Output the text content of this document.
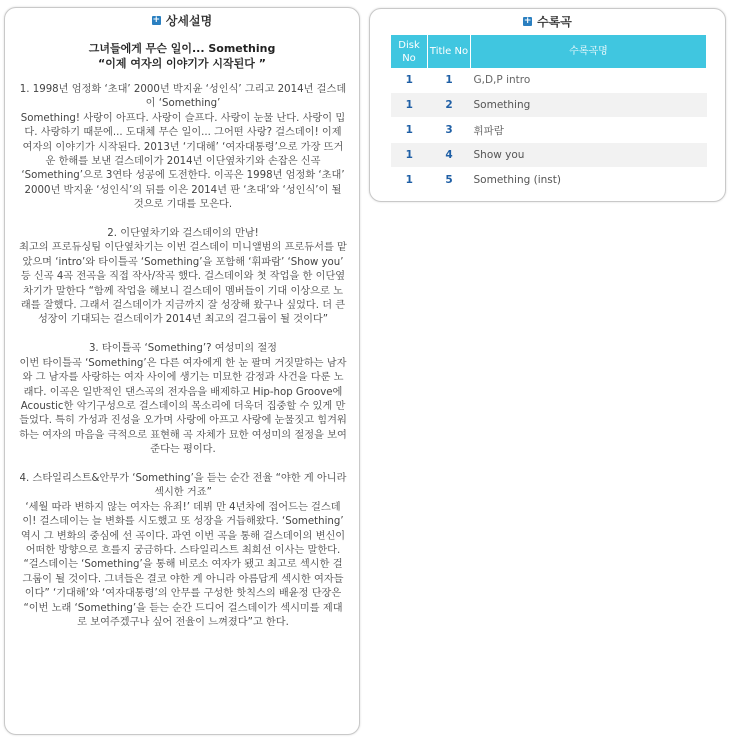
+ 상세설명
그녀들에게 무슨 일이... Something
“이제 여자의 이야기가 시작된다 ”

1. 1998년 엄정화 ‘초대’ 2000년 박지윤 ‘성인식’ 그리고 2014년 걸스데이 ‘Something’

Something! 사랑이 아프다. 사랑이 슬프다. 사랑이 눈물 난다. 사랑이 밉다. 사랑하기 때문에... 도대체 무슨 일이... 그어떤 사랑? 걸스데이! 이제 여자의 이야기가 시작된다. 2013년 ‘기대해’ ‘여자대통령’으로 가장 뜨거운 한해를 보낸 걸스데이가 2014년 이단옆차기와 손잡은 신곡 ‘Something’으로 3연타 성공에 도전한다. 이곡은 1998년 엄정화 ‘초대’ 2000년 박지윤 ‘성인식’의 뒤를 이은 2014년 판 ‘초대’와 ‘성인식’이 될 것으로 기대를 모은다.

2. 이단옆차기와 걸스데이의 만남!

최고의 프로듀싱팀 이단옆차기는 이번 걸스데이 미니앨범의 프로듀서를 맡았으며 ‘intro’와 타이틀곡 ‘Something’을 포함해 ‘휘파람’ ‘Show you’ 등 신곡 4곡 전곡을 직접 작사/작곡 했다. 걸스데이와 첫 작업을 한 이단옆차기가 말한다 “함께 작업을 해보니 걸스데이 멤버들이 기대 이상으로 노래를 잘했다. 그래서 걸스데이가 지금까지 잘 성장해 왔구나 싶었다. 더 큰 성장이 기대되는 걸스데이가 2014년 최고의 걸그룹이 될 것이다”

3. 타이틀곡 ‘Something’? 여성미의 절정

이번 타이틀곡 ‘Something’은 다른 여자에게 한 눈 팔며 거짓말하는 남자와 그 남자를 사랑하는 여자 사이에 생기는 미묘한 감정과 사건을 다룬 노래다. 이곡은 일반적인 댄스곡의 전자음을 배제하고 Hip-hop Groove에 Acoustic한 악기구성으로 걸스데이의 목소리에 더욱더 집중할 수 있게 만들었다. 특히 가성과 진성을 오가며 사랑에 아프고 사랑에 눈물짓고 힘겨워하는 여자의 마음을 극적으로 표현해 곡 자체가 묘한 여성미의 절정을 보여준다는 평이다.

4. 스타일리스트&안무가 ‘Something’을 듣는 순간 전율 “야한 게 아니라 섹시한 거죠”

‘세월 따라 변하지 않는 여자는 유죄!’ 데뷔 만 4년차에 접어드는 걸스데이! 걸스데이는 늘 변화를 시도했고 또 성장을 거듭해왔다. ‘Something’ 역시 그 변화의 중심에 선 곡이다. 과연 이번 곡을 통해 걸스데이의 변신이 어떠한 방향으로 흐를지 궁금하다. 스타일리스트 최희선 이사는 말한다. “걸스데이는 ‘Something’을 통해 비로소 여자가 됐고 최고로 섹시한 걸그룹이 될 것이다. 그녀들은 결코 야한 게 아니라 아름답게 섹시한 여자들이다” ‘기대해’와 ‘여자대통령’의 안무를 구성한 핫칙스의 배윤정 단장은 “이번 노래 ‘Something’을 듣는 순간 드디어 걸스데이가 섹시미를 제대로 보여주겠구나 싶어 전율이 느껴졌다”고 한다.

+ 수록곡
Disk No	Title No	수록곡명
1	1	G,D,P intro
1	2	Something
1	3	휘파람
1	4	Show you
1	5	Something (inst)
